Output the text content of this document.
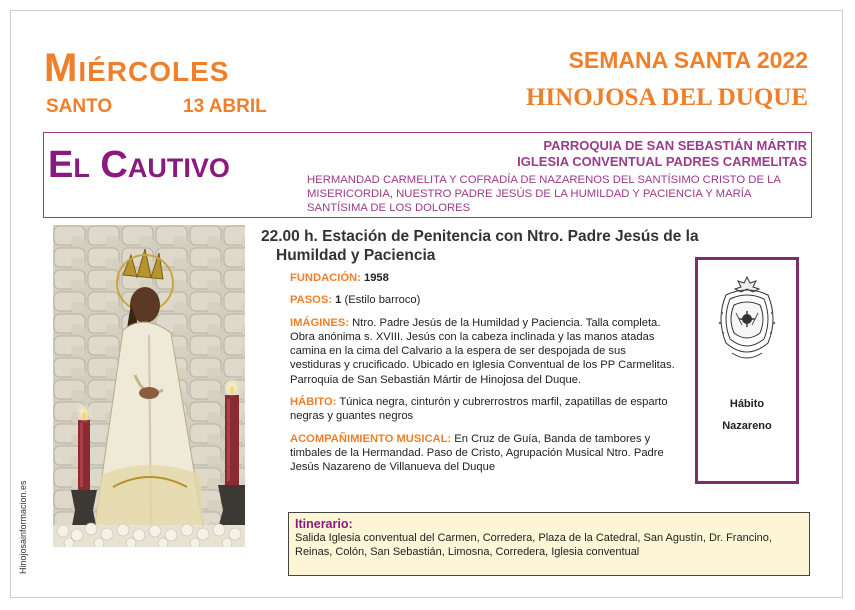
Miércoles
SANTO	13 ABRIL
SEMANA SANTA 2022
HINOJOSA DEL DUQUE
El Cautivo	PARROQUIA DE SAN SEBASTIÁN MÁRTIR
IGLESIA CONVENTUAL PADRES CARMELITAS
HERMANDAD CARMELITA Y COFRADÍA DE NAZARENOS DEL SANTÍSIMO CRISTO DE LA MISERICORDIA, NUESTRO PADRE JESÚS DE LA HUMILDAD Y PACIENCIA Y MARÍA SANTÍSIMA DE LOS DOLORES
Hinojosainformacion.es
22.00 h. Estación de Penitencia con Ntro. Padre Jesús de la
Humildad y Paciencia

FUNDACIÓN: 1958

PASOS: 1 (Estilo barroco)

IMÁGINES: Ntro. Padre Jesús de la Humildad y Paciencia. Talla completa. Obra anónima s. XVIII. Jesús con la cabeza inclinada y las manos atadas camina en la cima del Calvario a la espera de ser despojada de sus vestiduras y crucificado. Ubicado en Iglesia Conventual de los PP Carmelitas. Parroquia de San Sebastián Mártir de Hinojosa del Duque.

HÁBITO: Túnica negra, cinturón y cubrerrostros marfil, zapatillas de esparto negras y guantes negros

ACOMPAÑIMIENTO MUSICAL: En Cruz de Guía, Banda de tambores y timbales de la Hermandad. Paso de Cristo, Agrupación Musical Ntro. Padre Jesús Nazareno de Villanueva del Duque

Hábito
Nazareno
Itinerario:
Salida Iglesia conventual del Carmen, Corredera, Plaza de la Catedral, San Agustín, Dr. Francino, Reinas, Colón, San Sebastián, Limosna, Corredera, Iglesia conventual
